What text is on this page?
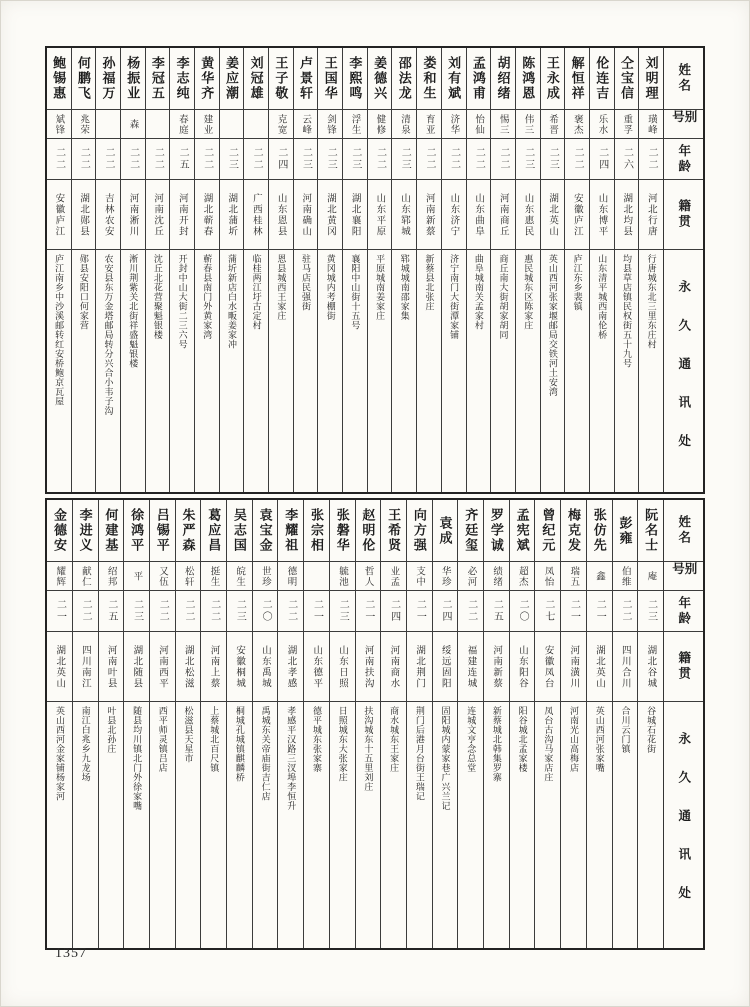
姓名
别号
年龄
籍贯
永久通讯处
刘明理
璜峰
二二
河北行唐
行唐城东北三里东庄村
仝宝信
重孚
二六
湖北均县
均县草店镇民权街五十九号
伦连吉
乐水
二四
山东博平
山东清平城西南伦桥
解恒祥
褒杰
二二
安徽庐江
庐江东乡裴镇
王永成
希晋
二三
湖北英山
英山西河张家堰邮局交铁河土安湾
陈鸿恩
伟三
二三
山东惠民
惠民城东区陈家庄
胡绍绪
惕三
二二
河南商丘
商丘南大街胡家胡同
孟鸿甫
怡仙
二二
山东曲阜
曲阜城南关孟家村
刘有斌
济华
二二
山东济宁
济宁南门大街潭家铺
娄和生
育亚
二二
河南新蔡
新蔡县北张庄
邵法龙
清泉
二三
山东郓城
郓城城南邵家集
姜德兴
健修
二二
山东平原
平原城南姜家庄
李熙鸣
浮生
二三
湖北襄阳
襄阳中山街十五号
王国华
剑锋
二三
湖北黄冈
黄冈城内考棚街
卢景轩
云峰
二三
河南确山
驻马店民强街
王子敬
克宽
二四
山东恩县
恩县城西王家庄
刘冠雄
二二
广西桂林
临桂两江圩古定村
姜应潮
二三
湖北蒲圻
蒲圻新店白水畈姜家冲
黄华齐
建业
二二
湖北蕲春
蕲春县南门外黄家湾
李志纯
春庭
二五
河南开封
开封中山大街二三六号
李冠五
二二
河南沈丘
沈丘北花营聚魁银楼
杨振业
森
二二
河南淅川
淅川荆紫关北街祥盛魁银楼
孙福万
二二
吉林农安
农安县东万金塔邮局转分兴合小韦子沟
何鹏飞
兆荣
二二
湖北郧县
郧县安阳口何家营
鲍锡惠
斌锋
二二
安徽庐江
庐江南乡中沙溪邮转红安桥鲍京瓦屋
姓名
别号
年龄
籍贯
永久通讯处
阮名士
庵
二三
湖北谷城
谷城石花街
彭雍
伯维
二二
四川合川
合川云门镇
张仿先
鑫
二一
湖北英山
英山西河张家嘴
梅克发
瑞五
二一
河南潢川
河南光山高梅店
曾纪元
凤怡
二七
安徽凤台
凤台古沟马家店庄
孟宪斌
超杰
二〇
山东阳谷
阳谷城北孟家楼
罗学诚
绩绪
二五
河南新蔡
新蔡城北韩集罗寨
齐廷玺
必河
二二
福建连城
连城文亨念总堂
袁成
华珍
二四
绥远固阳
固阳城内蒙家巷广兴兰记
向方强
支中
二一
湖北荆门
荆门后港月台街王瑞记
王希贤
业孟
二四
河南商水
商水城东王家庄
赵明伦
哲人
二一
河南扶沟
扶沟城东十五里刘庄
张磐华
毓池
二三
山东日照
日照城东大张家庄
张宗相
二一
山东德平
德平城东张家寨
李耀祖
德明
二二
湖北孝感
孝感平汉路三汊埠李恒升
袁宝金
世珍
二〇
山东禹城
禹城东关帝庙街吉仁店
吴志国
皖生
二三
安徽桐城
桐城孔城镇麒麟桥
葛应昌
挺生
二二
河南上蔡
上蔡城北百尺镇
朱严森
松轩
二二
湖北松滋
松滋县天星市
吕锡平
又伍
二二
河南西平
西平师灵镇吕店
徐鸿平
平
二三
湖北随县
随县均川镇北门外徐家嘴
何建基
绍邦
二五
河南叶县
叶县北孙庄
李进义
献仁
二二
四川南江
南江白兆乡九龙场
金德安
耀辉
二一
湖北英山
英山西河金家铺杨家河
1357
